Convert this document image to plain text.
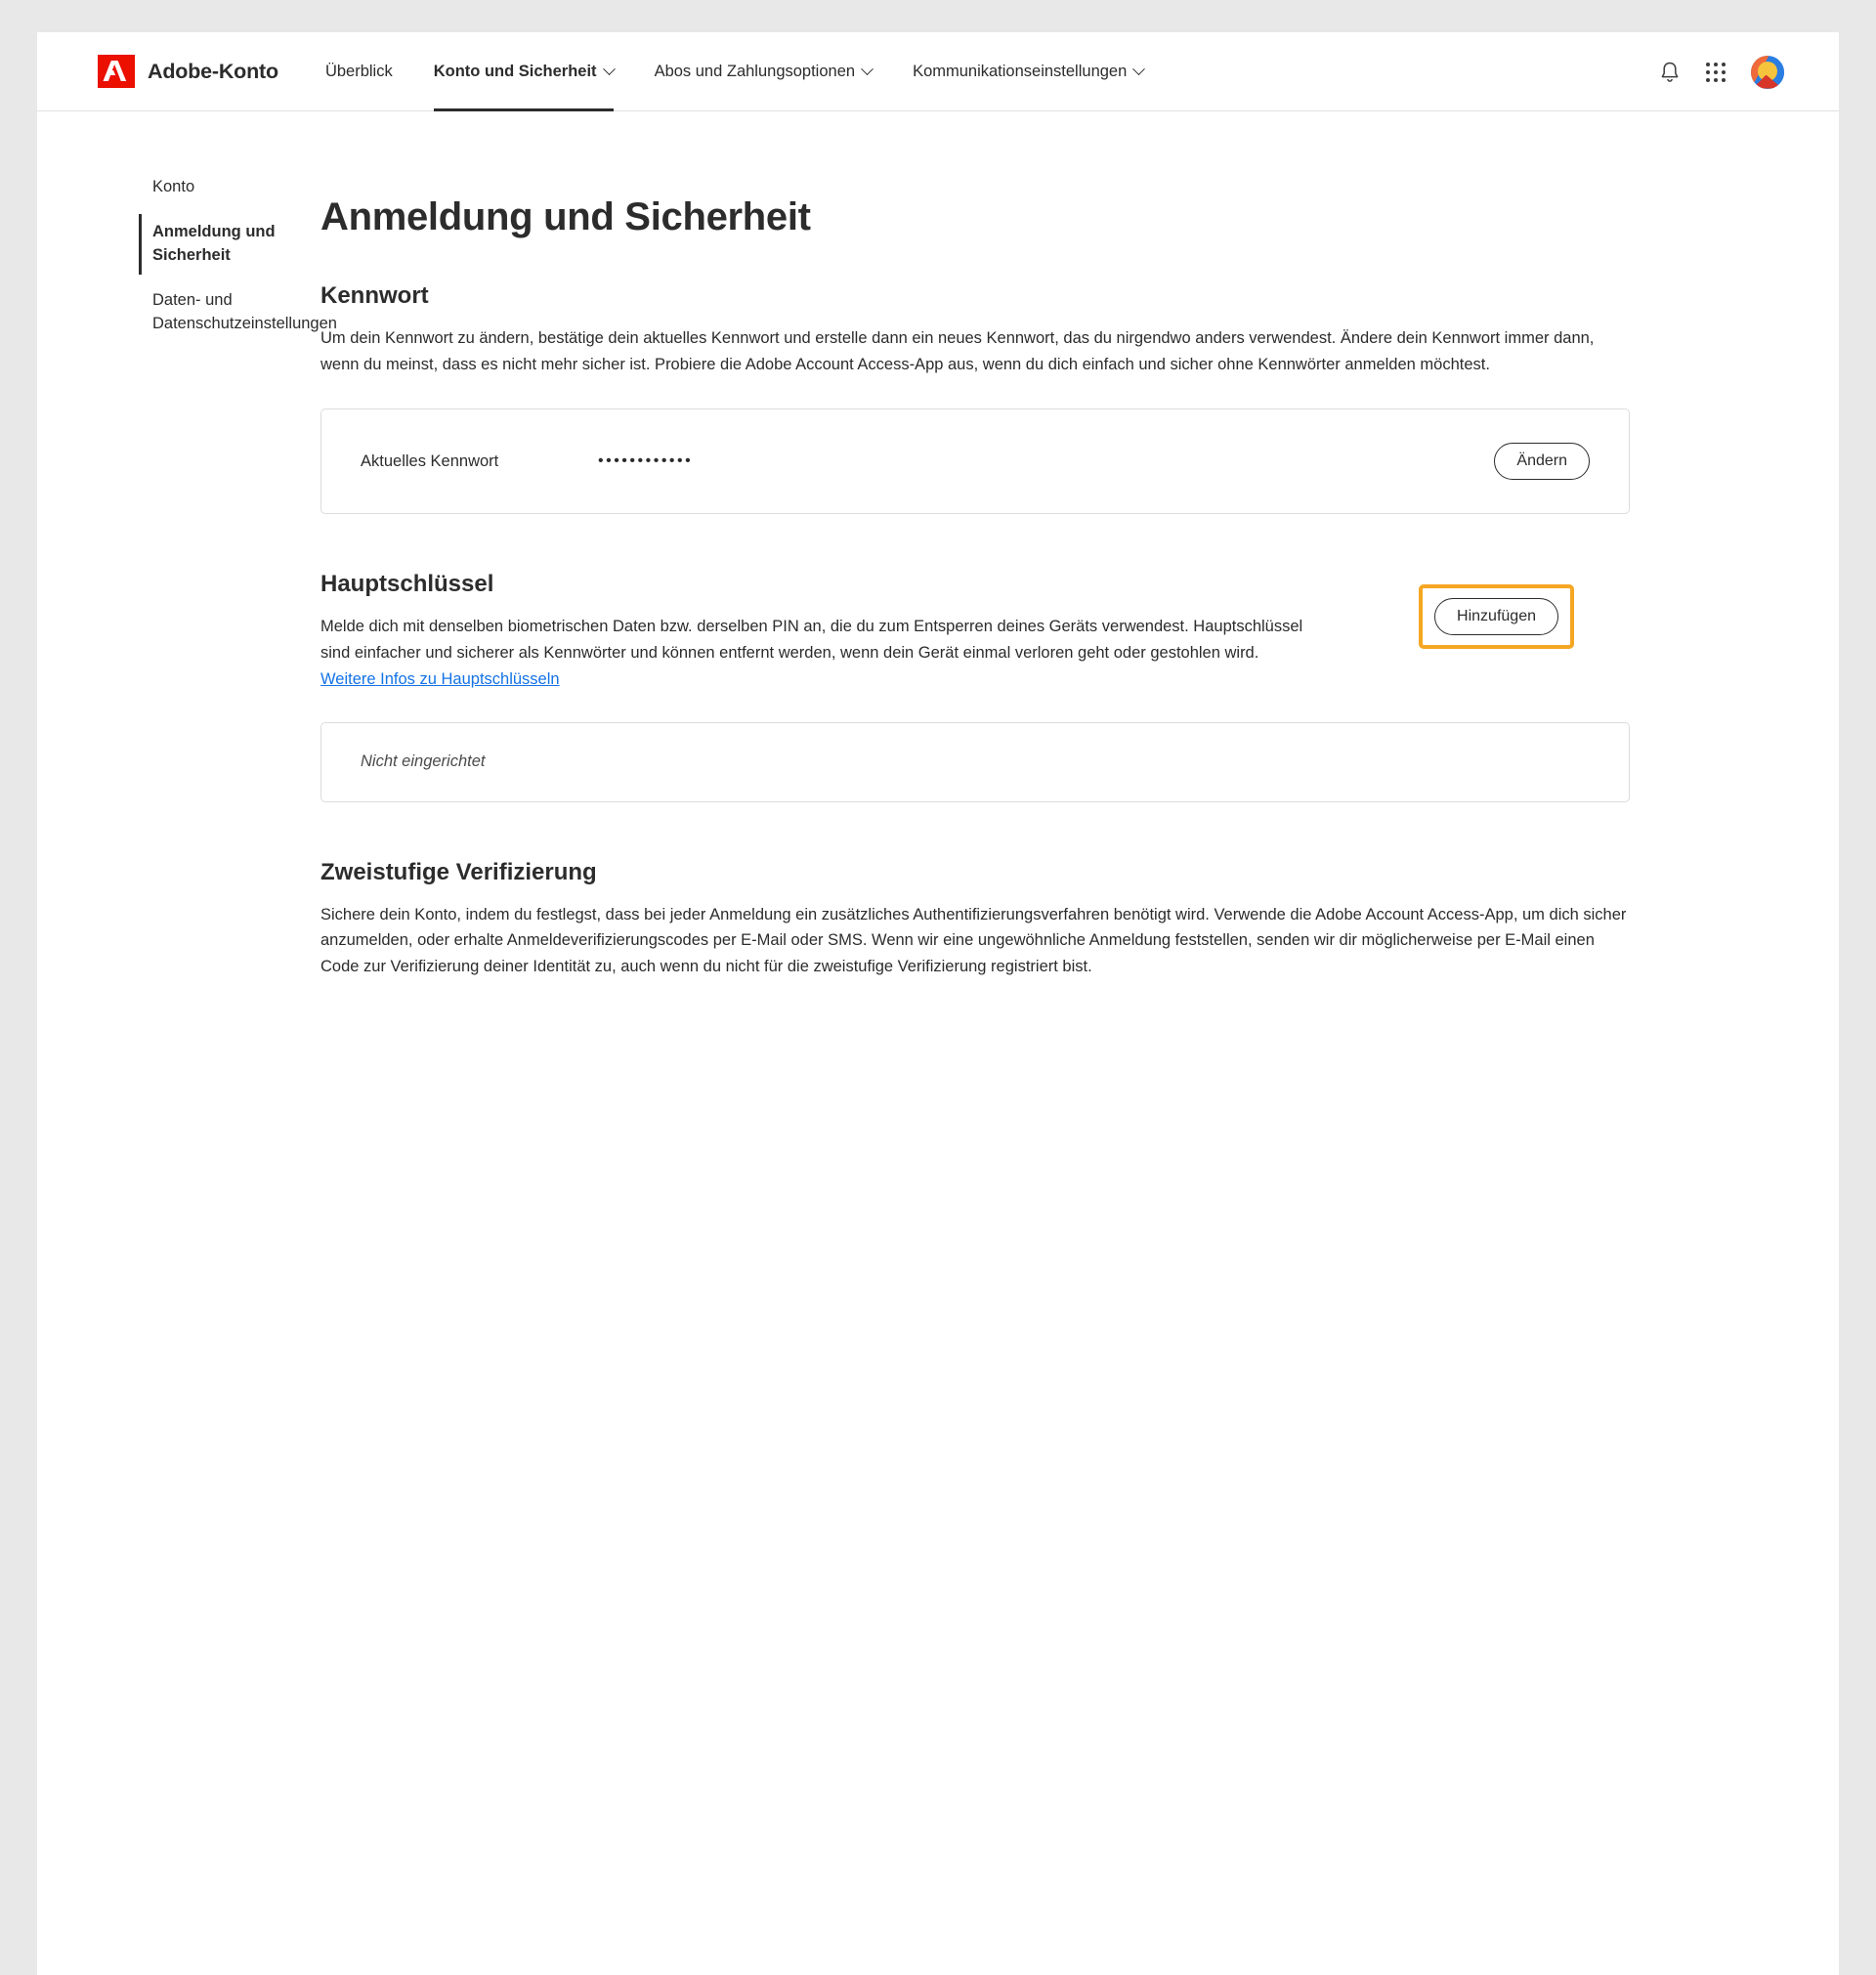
Adobe-Konto	Überblick	Konto und Sicherheit	Abos und Zahlungsoptionen	Kommunikationseinstellungen
Konto
Anmeldung und Sicherheit
Daten- und Datenschutzeinstellungen
Anmeldung und Sicherheit
Kennwort

Um dein Kennwort zu ändern, bestätige dein aktuelles Kennwort und erstelle dann ein neues Kennwort, das du nirgendwo anders verwendest. Ändere dein Kennwort immer dann, wenn du meinst, dass es nicht mehr sicher ist. Probiere die Adobe Account Access-App aus, wenn du dich einfach und sicher ohne Kennwörter anmelden möchtest.

Aktuelles Kennwort	••••••••••••	Ändern
Hauptschlüssel

Melde dich mit denselben biometrischen Daten bzw. derselben PIN an, die du zum Entsperren deines Geräts verwendest. Hauptschlüssel sind einfacher und sicherer als Kennwörter und können entfernt werden, wenn dein Gerät einmal verloren geht oder gestohlen wird. Weitere Infos zu Hauptschlüsseln

Hinzufügen
Nicht eingerichtet
Zweistufige Verifizierung

Sichere dein Konto, indem du festlegst, dass bei jeder Anmeldung ein zusätzliches Authentifizierungsverfahren benötigt wird. Verwende die Adobe Account Access-App, um dich sicher anzumelden, oder erhalte Anmeldeverifizierungscodes per E-Mail oder SMS. Wenn wir eine ungewöhnliche Anmeldung feststellen, senden wir dir möglicherweise per E-Mail einen Code zur Verifizierung deiner Identität zu, auch wenn du nicht für die zweistufige Verifizierung registriert bist.
